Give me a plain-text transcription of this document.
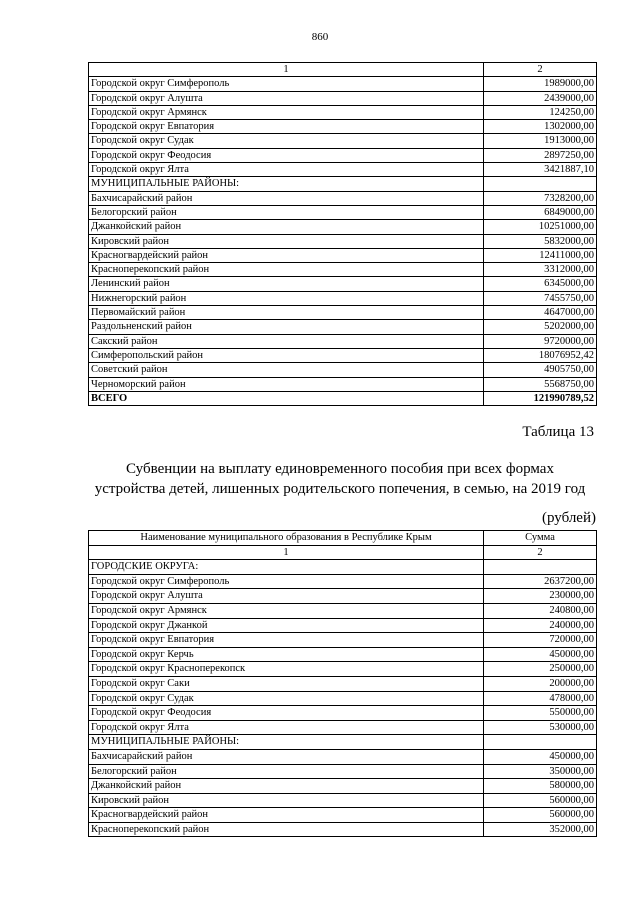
860
1	2
Городской округ Симферополь	1989000,00
Городской округ Алушта	2439000,00
Городской округ Армянск	124250,00
Городской округ Евпатория	1302000,00
Городской округ Судак	1913000,00
Городской округ Феодосия	2897250,00
Городской округ Ялта	3421887,10
МУНИЦИПАЛЬНЫЕ РАЙОНЫ:	
Бахчисарайский район	7328200,00
Белогорский район	6849000,00
Джанкойский район	10251000,00
Кировский район	5832000,00
Красногвардейский район	12411000,00
Красноперекопский район	3312000,00
Ленинский район	6345000,00
Нижнегорский район	7455750,00
Первомайский район	4647000,00
Раздольненский район	5202000,00
Сакский район	9720000,00
Симферопольский район	18076952,42
Советский район	4905750,00
Черноморский район	5568750,00
ВСЕГО	121990789,52
Таблица 13
Субвенции на выплату единовременного пособия при всех формах
устройства детей, лишенных родительского попечения, в семью, на 2019 год
(рублей)
Наименование муниципального образования в Республике Крым	Сумма
1	2
ГОРОДСКИЕ ОКРУГА:	
Городской округ Симферополь	2637200,00
Городской округ Алушта	230000,00
Городской округ Армянск	240800,00
Городской округ Джанкой	240000,00
Городской округ Евпатория	720000,00
Городской округ Керчь	450000,00
Городской округ Красноперекопск	250000,00
Городской округ Саки	200000,00
Городской округ Судак	478000,00
Городской округ Феодосия	550000,00
Городской округ Ялта	530000,00
МУНИЦИПАЛЬНЫЕ РАЙОНЫ:	
Бахчисарайский район	450000,00
Белогорский район	350000,00
Джанкойский район	580000,00
Кировский район	560000,00
Красногвардейский район	560000,00
Красноперекопский район	352000,00
